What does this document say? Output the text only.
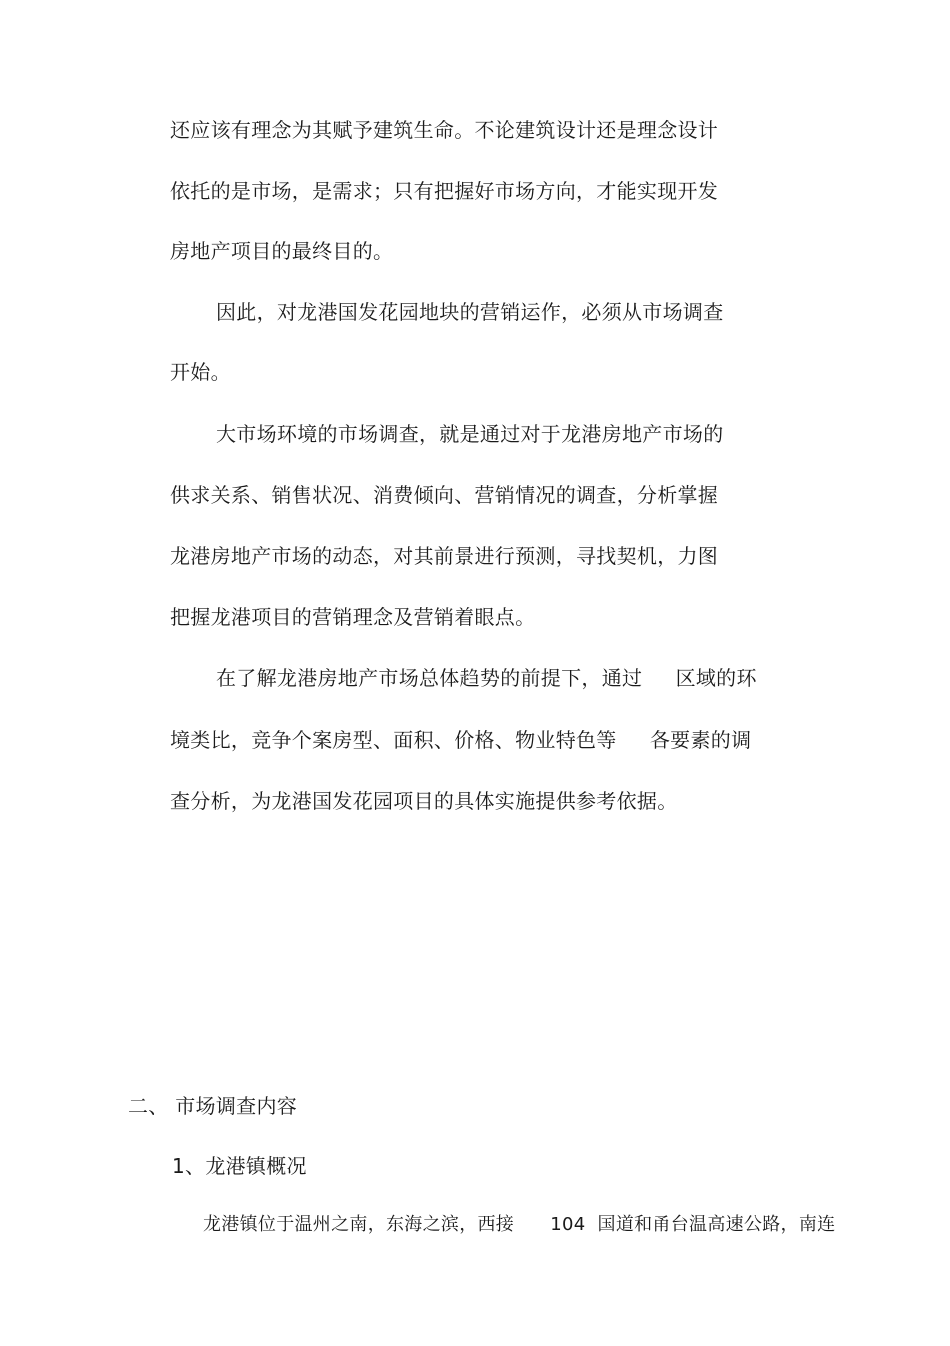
还应该有理念为其赋予建筑生命。不论建筑设计还是理念设计
依托的是市场，是需求；只有把握好市场方向，才能实现开发
房地产项目的最终目的。
因此，对龙港国发花园地块的营销运作，必须从市场调查
开始。
大市场环境的市场调查，就是通过对于龙港房地产市场的
供求关系、销售状况、消费倾向、营销情况的调查，分析掌握
龙港房地产市场的动态，对其前景进行预测，寻找契机，力图
把握龙港项目的营销理念及营销着眼点。
在了解龙港房地产市场总体趋势的前提下，通过     区域的环
境类比，竞争个案房型、面积、价格、物业特色等     各要素的调
查分析，为龙港国发花园项目的具体实施提供参考依据。
二、 市场调查内容
1、龙港镇概况
龙港镇位于温州之南，东海之滨，西接      104  国道和甬台温高速公路，南连
